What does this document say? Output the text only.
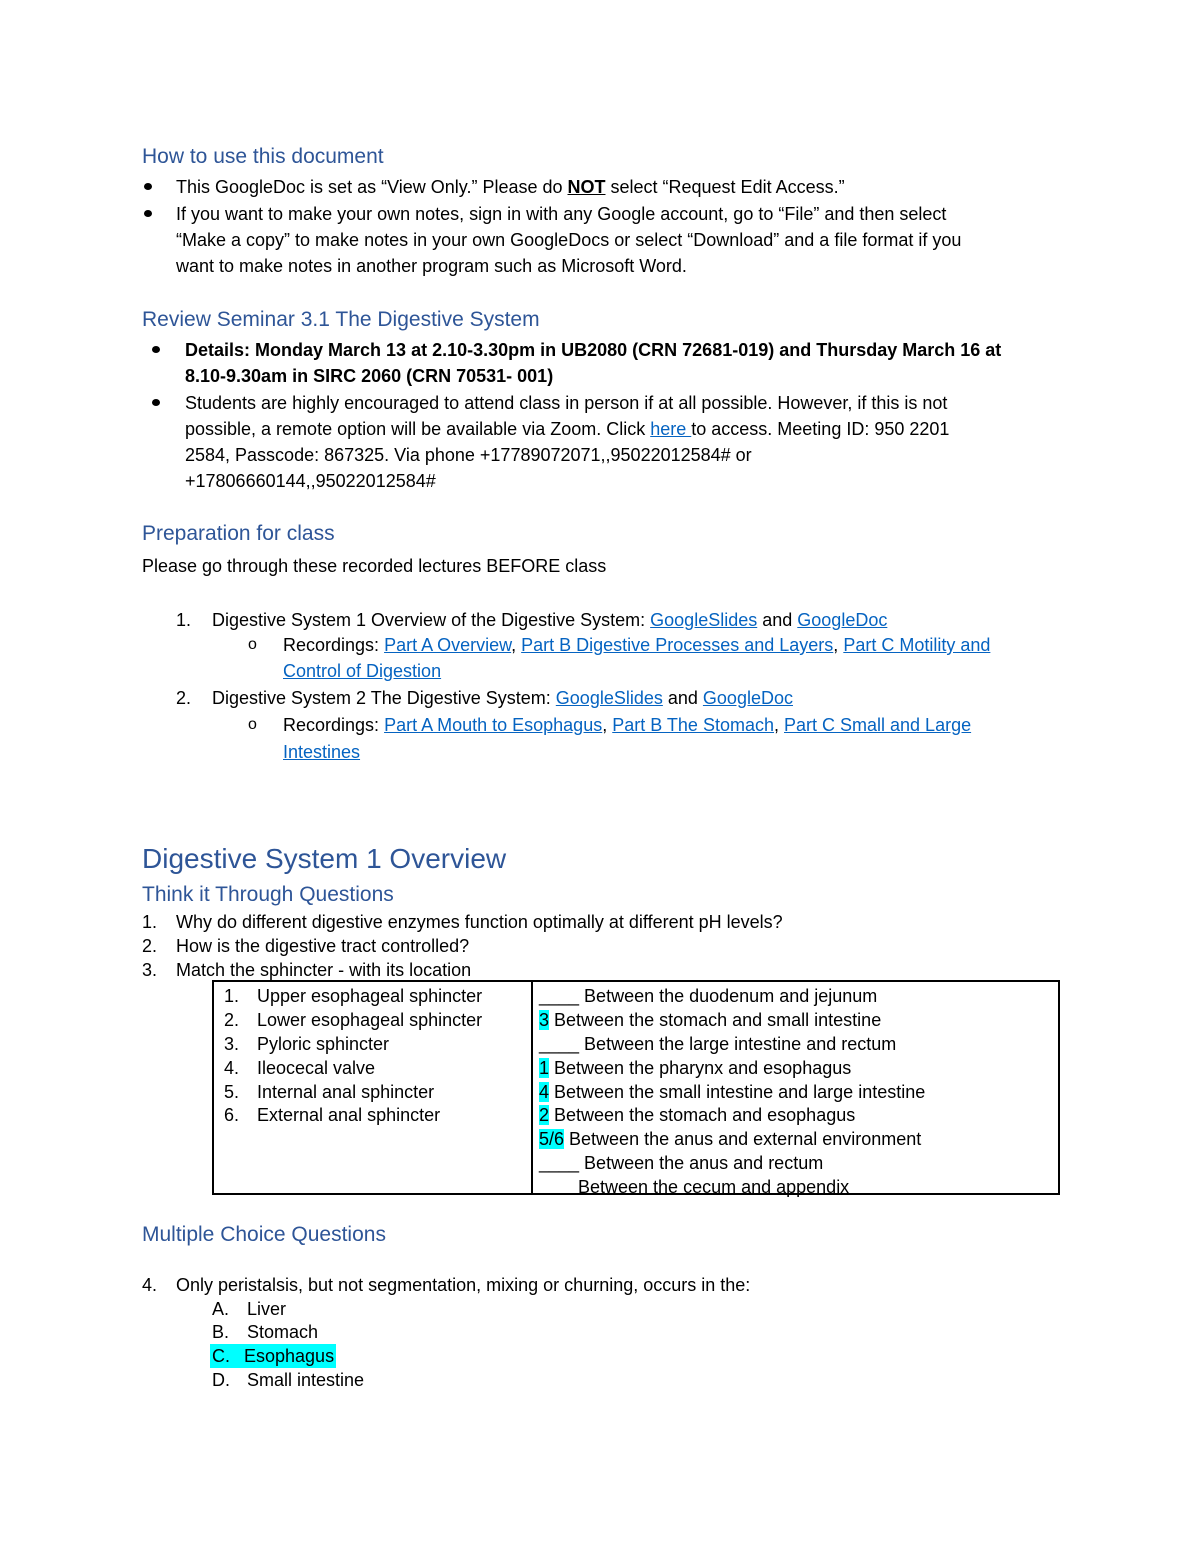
How to use this document
This GoogleDoc is set as “View Only.” Please do NOT select “Request Edit Access.”
If you want to make your own notes, sign in with any Google account, go to “File” and then select
“Make a copy” to make notes in your own GoogleDocs or select “Download” and a file format if you
want to make notes in another program such as Microsoft Word.
Review Seminar 3.1 The Digestive System
Details: Monday March 13 at 2.10-3.30pm in UB2080 (CRN 72681-019) and Thursday March 16 at
8.10-9.30am in SIRC 2060 (CRN 70531- 001)
Students are highly encouraged to attend class in person if at all possible. However, if this is not
possible, a remote option will be available via Zoom. Click here to access. Meeting ID: 950 2201
2584, Passcode: 867325. Via phone +17789072071,,95022012584# or
+17806660144,,95022012584#
Preparation for class
Please go through these recorded lectures BEFORE class
1. Digestive System 1 Overview of the Digestive System: GoogleSlides and GoogleDoc
o Recordings: Part A Overview, Part B Digestive Processes and Layers, Part C Motility and
Control of Digestion
2. Digestive System 2 The Digestive System: GoogleSlides and GoogleDoc
o Recordings: Part A Mouth to Esophagus, Part B The Stomach, Part C Small and Large
Intestines
Digestive System 1 Overview
Think it Through Questions
1. Why do different digestive enzymes function optimally at different pH levels?
2. How is the digestive tract controlled?
3. Match the sphincter - with its location
1. Upper esophageal sphincter
2. Lower esophageal sphincter
3. Pyloric sphincter
4. Ileocecal valve
5. Internal anal sphincter
6. External anal sphincter
____ Between the duodenum and jejunum
3 Between the stomach and small intestine
____ Between the large intestine and rectum
1 Between the pharynx and esophagus
4 Between the small intestine and large intestine
2 Between the stomach and esophagus
5/6 Between the anus and external environment
____ Between the anus and rectum
Between the cecum and appendix
Multiple Choice Questions
4. Only peristalsis, but not segmentation, mixing or churning, occurs in the:
A. Liver
B. Stomach
C. Esophagus
D. Small intestine
